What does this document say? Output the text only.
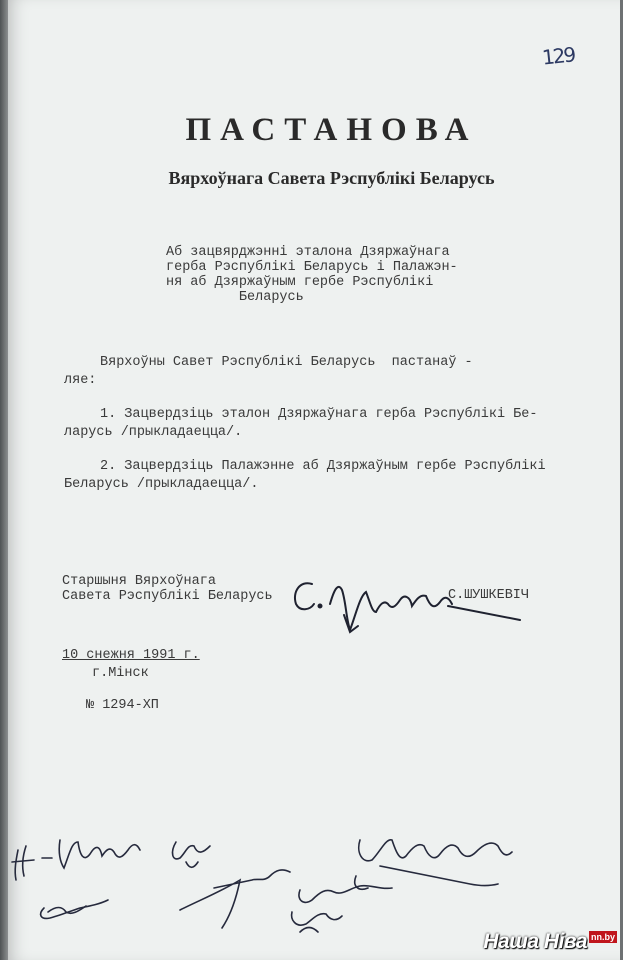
129
ПАСТАНОВА
Вярхоўнага Савета Рэспублікі Беларусь
Аб зацвярджэнні эталона Дзяржаўнага
герба Рэспублікі Беларусь і Палажэн-
ня аб Дзяржаўным гербе Рэспублікі
Беларусь
Вярхоўны Савет Рэспублікі Беларусь  пастанаў -
ляе:
1. Зацвердзіць эталон Дзяржаўнага герба Рэспублікі Бе-
ларусь /прыкладаецца/.
2. Зацвердзіць Палажэнне аб Дзяржаўным гербе Рэспублікі
Беларусь /прыкладаецца/.
Старшыня Вярхоўнага
Савета Рэспублікі Беларусь	С.ШУШКЕВІЧ
10 снежня 1991 г.
г.Мінск
№ 1294-ХП
Наша Ніва nn.by
